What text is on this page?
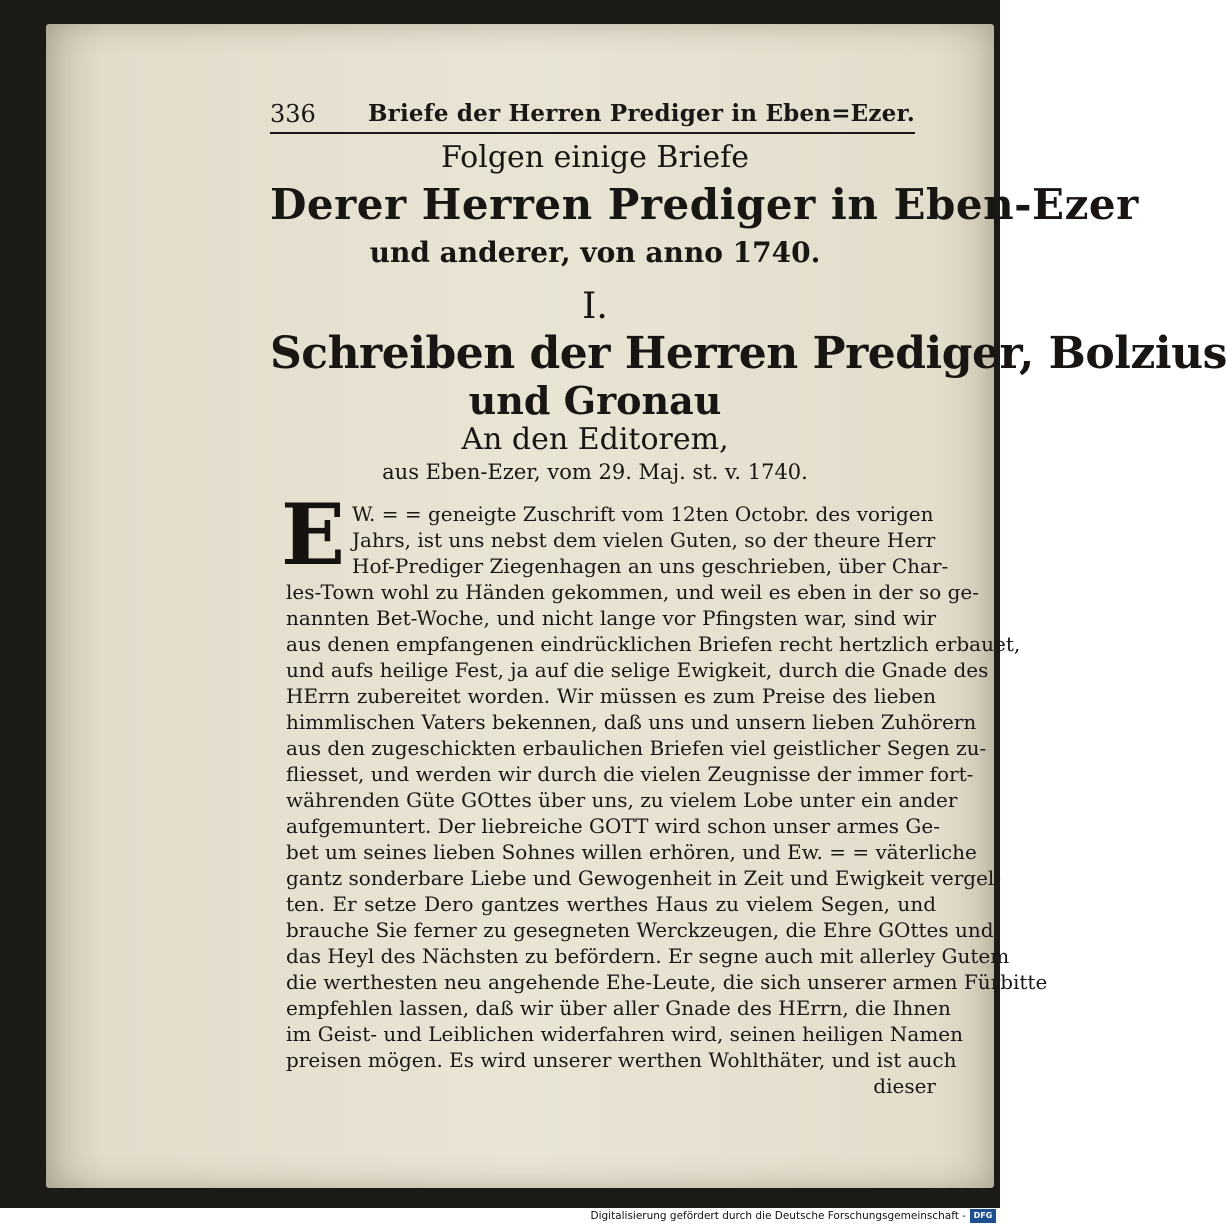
336 Briefe der Herren Prediger in Eben=Ezer.
Folgen einige Briefe
Derer Herren Prediger in Eben-Ezer
und anderer, von anno 1740.
I.
Schreiben der Herren Prediger, Bolzius
und Gronau
An den Editorem,
aus Eben-Ezer, vom 29. Maj. st. v. 1740.
E W. = = geneigte Zuschrift vom 12ten Octobr. des vorigen
Jahrs, ist uns nebst dem vielen Guten, so der theure Herr
Hof-Prediger Ziegenhagen an uns geschrieben, über Char-
les-Town wohl zu Händen gekommen, und weil es eben in der so ge-
nannten Bet-Woche, und nicht lange vor Pfingsten war, sind wir
aus denen empfangenen eindrücklichen Briefen recht hertzlich erbauet,
und aufs heilige Fest, ja auf die selige Ewigkeit, durch die Gnade des
HErrn zubereitet worden. Wir müssen es zum Preise des lieben
himmlischen Vaters bekennen, daß uns und unsern lieben Zuhörern
aus den zugeschickten erbaulichen Briefen viel geistlicher Segen zu-
fliesset, und werden wir durch die vielen Zeugnisse der immer fort-
währenden Güte GOttes über uns, zu vielem Lobe unter ein ander
aufgemuntert. Der liebreiche GOTT wird schon unser armes Ge-
bet um seines lieben Sohnes willen erhören, und Ew. = = väterliche
gantz sonderbare Liebe und Gewogenheit in Zeit und Ewigkeit vergel-
ten. Er setze Dero gantzes werthes Haus zu vielem Segen, und
brauche Sie ferner zu gesegneten Werckzeugen, die Ehre GOttes und
das Heyl des Nächsten zu befördern. Er segne auch mit allerley Gutem
die werthesten neu angehende Ehe-Leute, die sich unserer armen Fürbitte
empfehlen lassen, daß wir über aller Gnade des HErrn, die Ihnen
im Geist- und Leiblichen widerfahren wird, seinen heiligen Namen
preisen mögen. Es wird unserer werthen Wohlthäter, und ist auch
dieser
Digitalisierung gefördert durch die Deutsche Forschungsgemeinschaft - DFG
